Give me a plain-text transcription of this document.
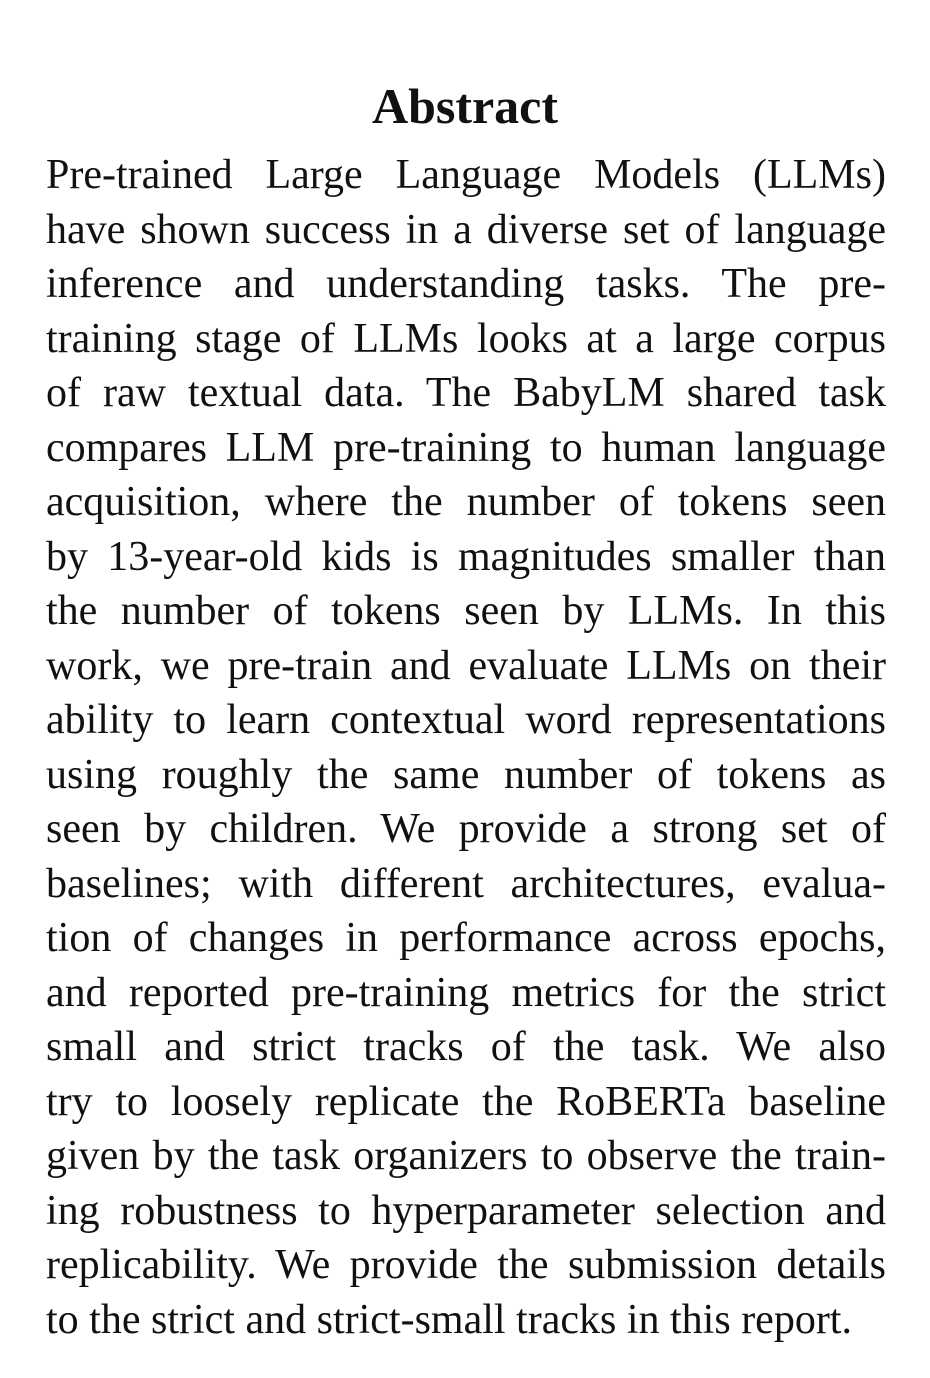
Abstract
Pre-trained Large Language Models (LLMs)
have shown success in a diverse set of language
inference and understanding tasks. The pre-
training stage of LLMs looks at a large corpus
of raw textual data. The BabyLM shared task
compares LLM pre-training to human language
acquisition, where the number of tokens seen
by 13-year-old kids is magnitudes smaller than
the number of tokens seen by LLMs. In this
work, we pre-train and evaluate LLMs on their
ability to learn contextual word representations
using roughly the same number of tokens as
seen by children. We provide a strong set of
baselines; with different architectures, evalua-
tion of changes in performance across epochs,
and reported pre-training metrics for the strict
small and strict tracks of the task. We also
try to loosely replicate the RoBERTa baseline
given by the task organizers to observe the train-
ing robustness to hyperparameter selection and
replicability. We provide the submission details
to the strict and strict-small tracks in this report.
